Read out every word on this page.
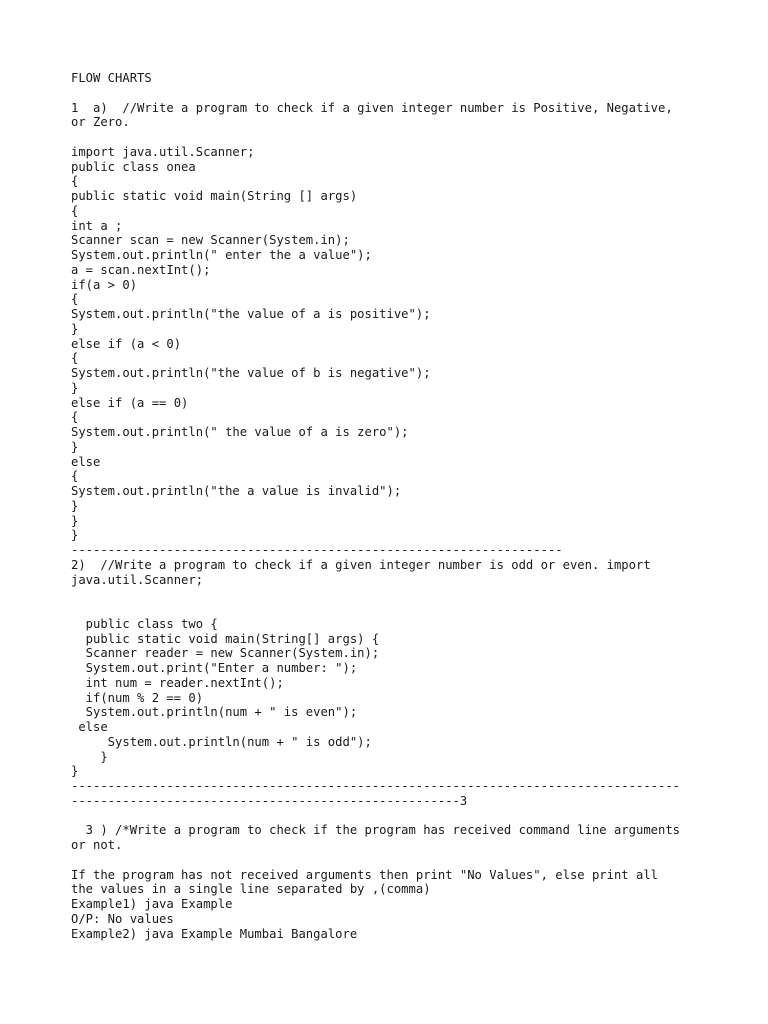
FLOW CHARTS
1  a)  //Write a program to check if a given integer number is Positive, Negative,
or Zero.
import java.util.Scanner;
public class onea
{
public static void main(String [] args)
{
int a ;
Scanner scan = new Scanner(System.in);
System.out.println(" enter the a value");
a = scan.nextInt();
if(a > 0)
{
System.out.println("the value of a is positive");
}
else if (a < 0)
{
System.out.println("the value of b is negative");
}
else if (a == 0)
{
System.out.println(" the value of a is zero");
}
else
{
System.out.println("the a value is invalid");
}
}
}
-------------------------------------------------------------------
2)  //Write a program to check if a given integer number is odd or even. import
java.util.Scanner;
public class two {
public static void main(String[] args) {
Scanner reader = new Scanner(System.in);
System.out.print("Enter a number: ");
int num = reader.nextInt();
if(num % 2 == 0)
System.out.println(num + " is even");
else
System.out.println(num + " is odd");
}
}
-----------------------------------------------------------------------------------
-----------------------------------------------------3
3 ) /*Write a program to check if the program has received command line arguments
or not.
If the program has not received arguments then print "No Values", else print all
the values in a single line separated by ,(comma)
Example1) java Example
O/P: No values
Example2) java Example Mumbai Bangalore
